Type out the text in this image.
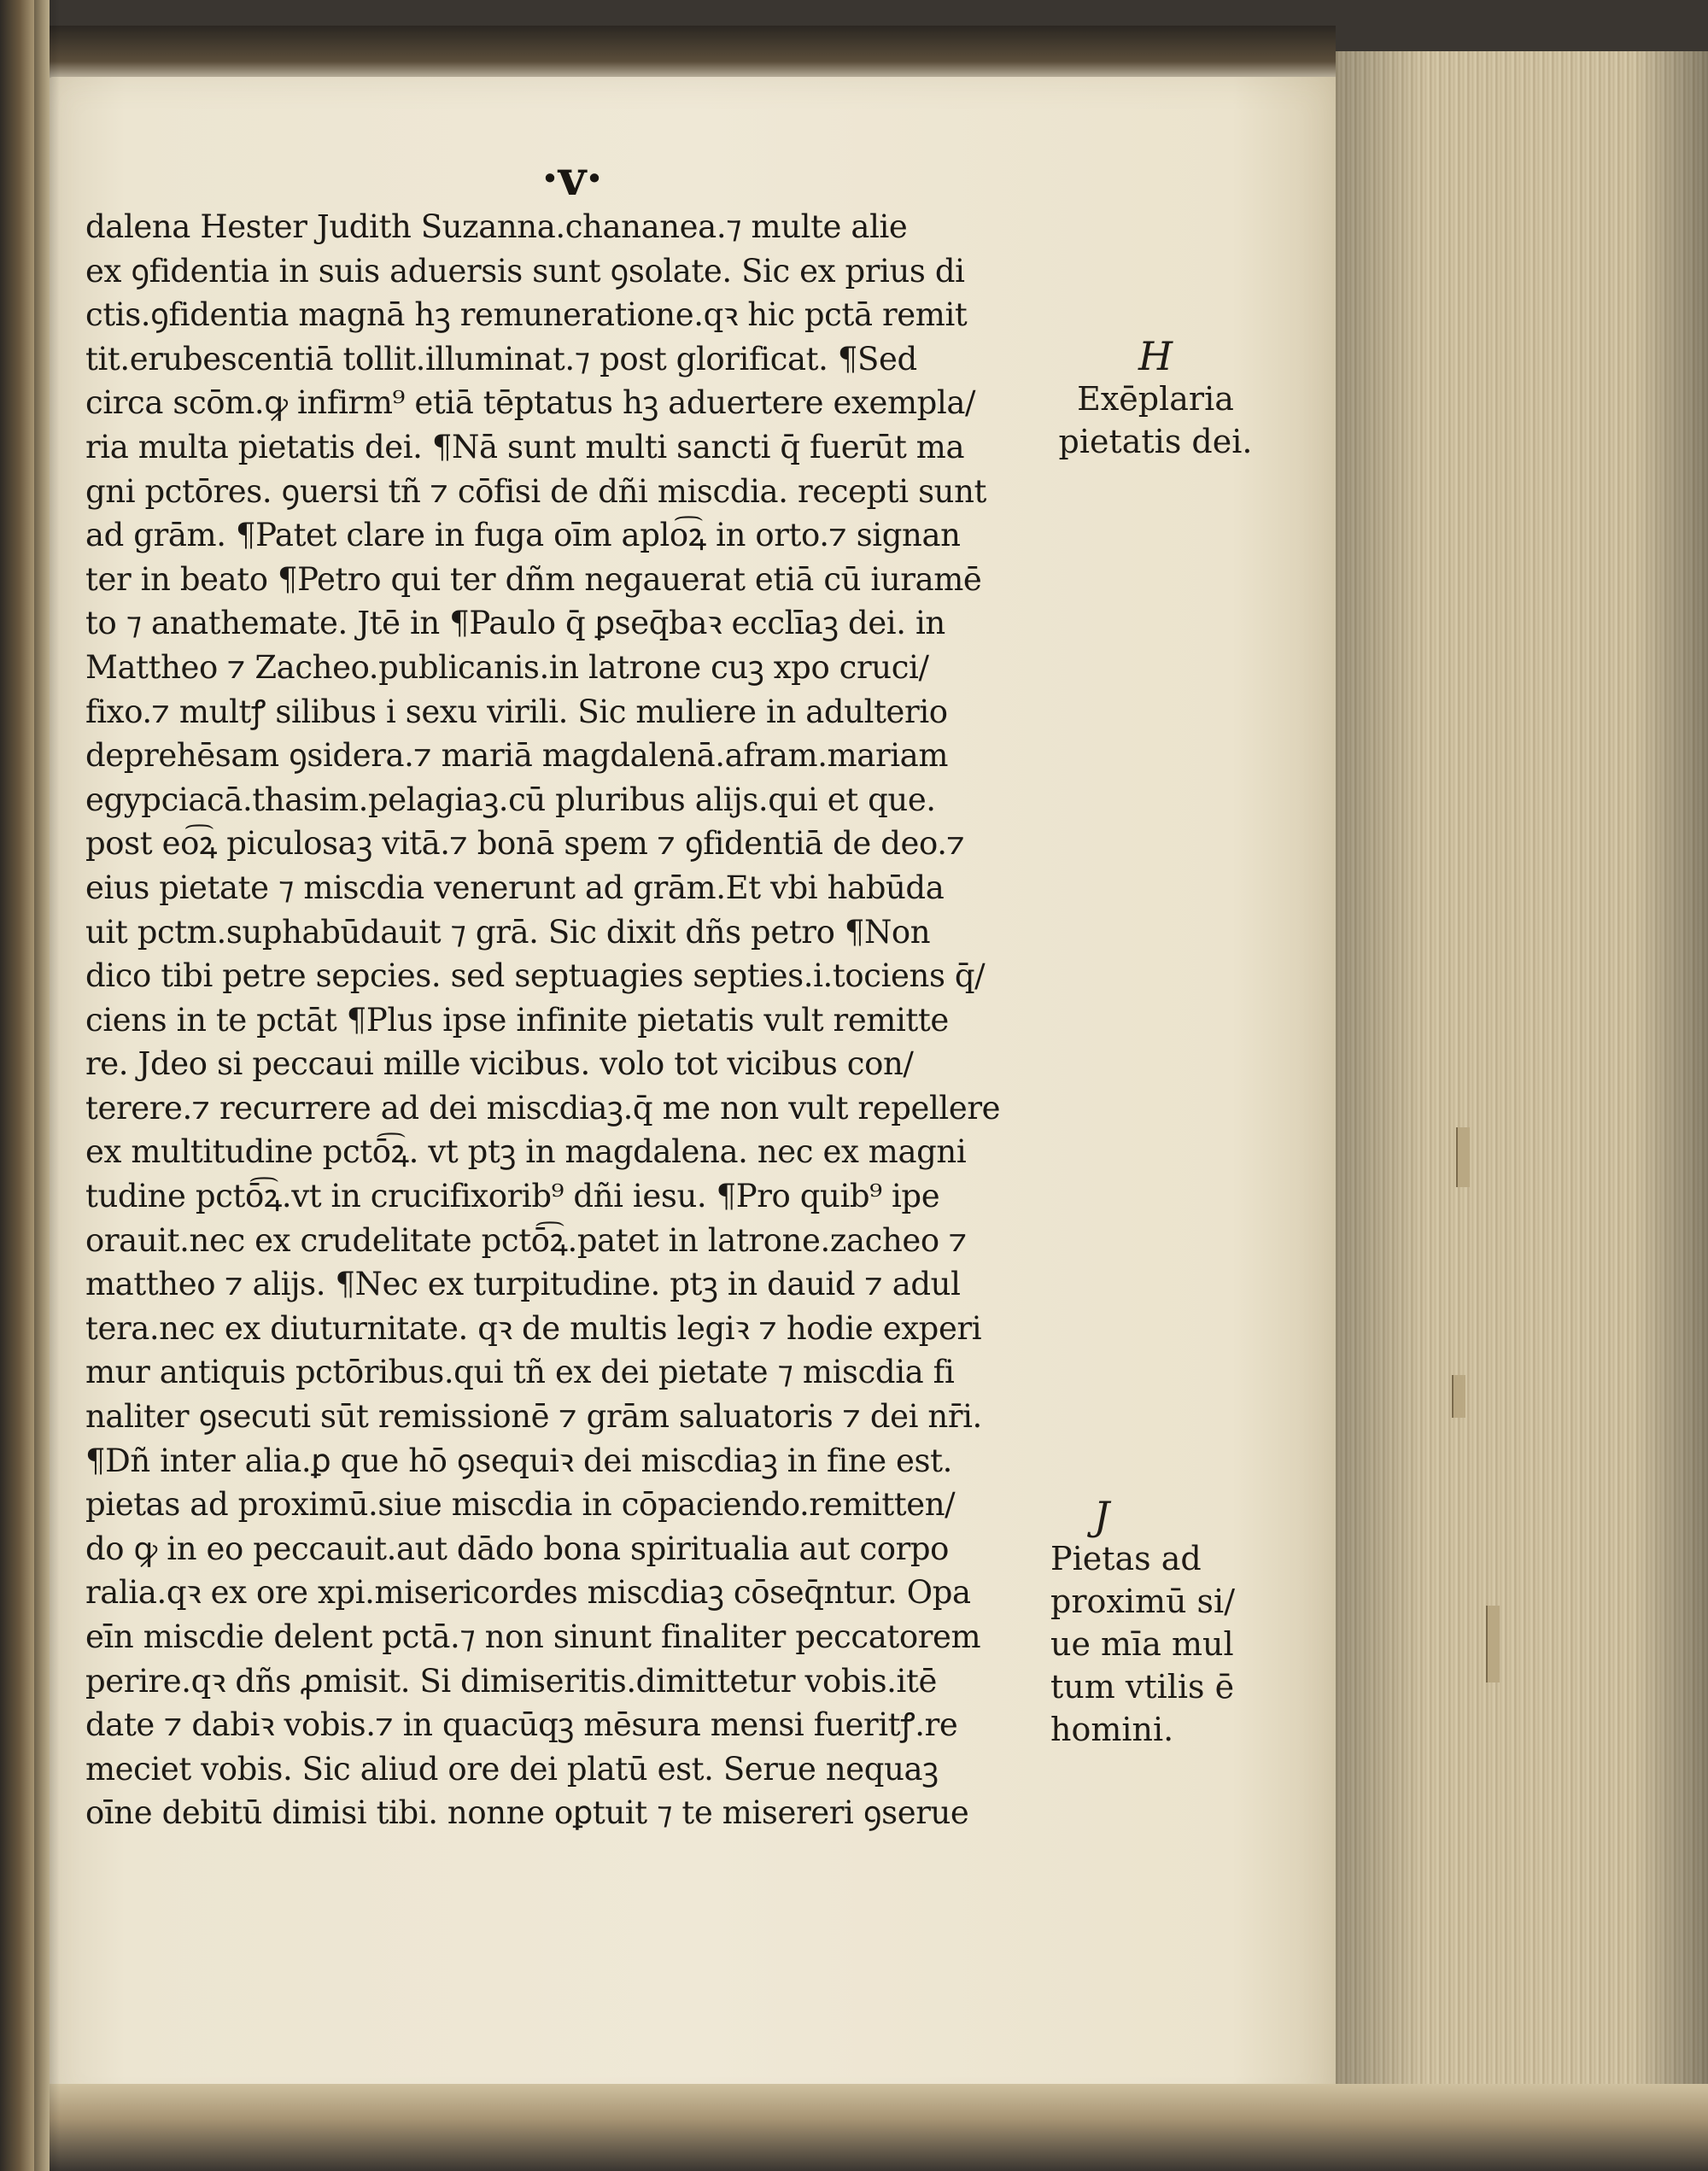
·v·
dalena Hester Judith Suzanna.chananea.⁊ multe alie
ex ꝯfidentia in suis aduersis sunt ꝯsolate. Sic ex prius di
ctis.ꝯfidentia magnā hꝫ remuneratione.qꝛ hic pctā remit
tit.erubescentiā tollit.illuminat.⁊ post glorificat. ¶Sed
circa scōm.ꝙ infirm⁹ etiā tēptatus hꝫ aduertere exempla/
ria multa pietatis dei. ¶Nā sunt multi sancti q̄ fuerūt ma
gni pctōres. ꝯuersi tñ ⁊ cōfisi de dñi miscdia. recepti sunt
ad grām. ¶Patet clare in fuga oīm aplo͡ꝝ in orto.⁊ signan
ter in beato ¶Petro qui ter dñm negauerat etiā cū iuramē
to ⁊ anathemate. Jtē in ¶Paulo q̄ ꝑseq̄baꝛ ecclīaꝫ dei. in
Mattheo ⁊ Zacheo.publicanis.in latrone cuꝫ xpo cruci/
fixo.⁊ multꝭ silibus i sexu virili. Sic muliere in adulterio
deprehēsam ꝯsidera.⁊ mariā magdalenā.afram.mariam
egypciacā.thasim.pelagiaꝫ.cū pluribus alijs.qui et que.
post eo͡ꝝ piculosaꝫ vitā.⁊ bonā spem ⁊ ꝯfidentiā de deo.⁊
eius pietate ⁊ miscdia venerunt ad grām.Et vbi habūda
uit pctm.suphabūdauit ⁊ grā. Sic dixit dñs petro ¶Non
dico tibi petre sepcies. sed septuagies septies.i.tociens q̄/
ciens in te pctāt ¶Plus ipse infinite pietatis vult remitte
re. Jdeo si peccaui mille vicibus. volo tot vicibus con/
terere.⁊ recurrere ad dei miscdiaꝫ.q̄ me non vult repellere
ex multitudine pctō͡ꝝ. vt ptꝫ in magdalena. nec ex magni
tudine pctō͡ꝝ.vt in crucifixorib⁹ dñi iesu. ¶Pro quib⁹ ipe
orauit.nec ex crudelitate pctō͡ꝝ.patet in latrone.zacheo ⁊
mattheo ⁊ alijs. ¶Nec ex turpitudine. ptꝫ in dauid ⁊ adul
tera.nec ex diuturnitate. qꝛ de multis legiꝛ ⁊ hodie experi
mur antiquis pctōribus.qui tñ ex dei pietate ⁊ miscdia fi
naliter ꝯsecuti sūt remissionē ⁊ grām saluatoris ⁊ dei nr̄i.
¶Dñ inter alia.ꝑ que hō ꝯsequiꝛ dei miscdiaꝫ in fine est.
pietas ad proximū.siue miscdia in cōpaciendo.remitten/
do ꝙ in eo peccauit.aut dādo bona spiritualia aut corpo
ralia.qꝛ ex ore xpi.misericordes miscdiaꝫ cōseq̄ntur. Opa
eīn miscdie delent pctā.⁊ non sinunt finaliter peccatorem
perire.qꝛ dñs ꝓmisit. Si dimiseritis.dimittetur vobis.itē
date ⁊ dabiꝛ vobis.⁊ in quacūqꝫ mēsura mensi fueritꝭ.re
meciet vobis. Sic aliud ore dei platū est. Serue nequaꝫ
oīne debitū dimisi tibi. nonne oꝑtuit ⁊ te misereri ꝯserue
H
Exēplaria
pietatis dei.
J
Pietas ad
proximū si/
ue mīa mul
tum vtilis ē
homini.
